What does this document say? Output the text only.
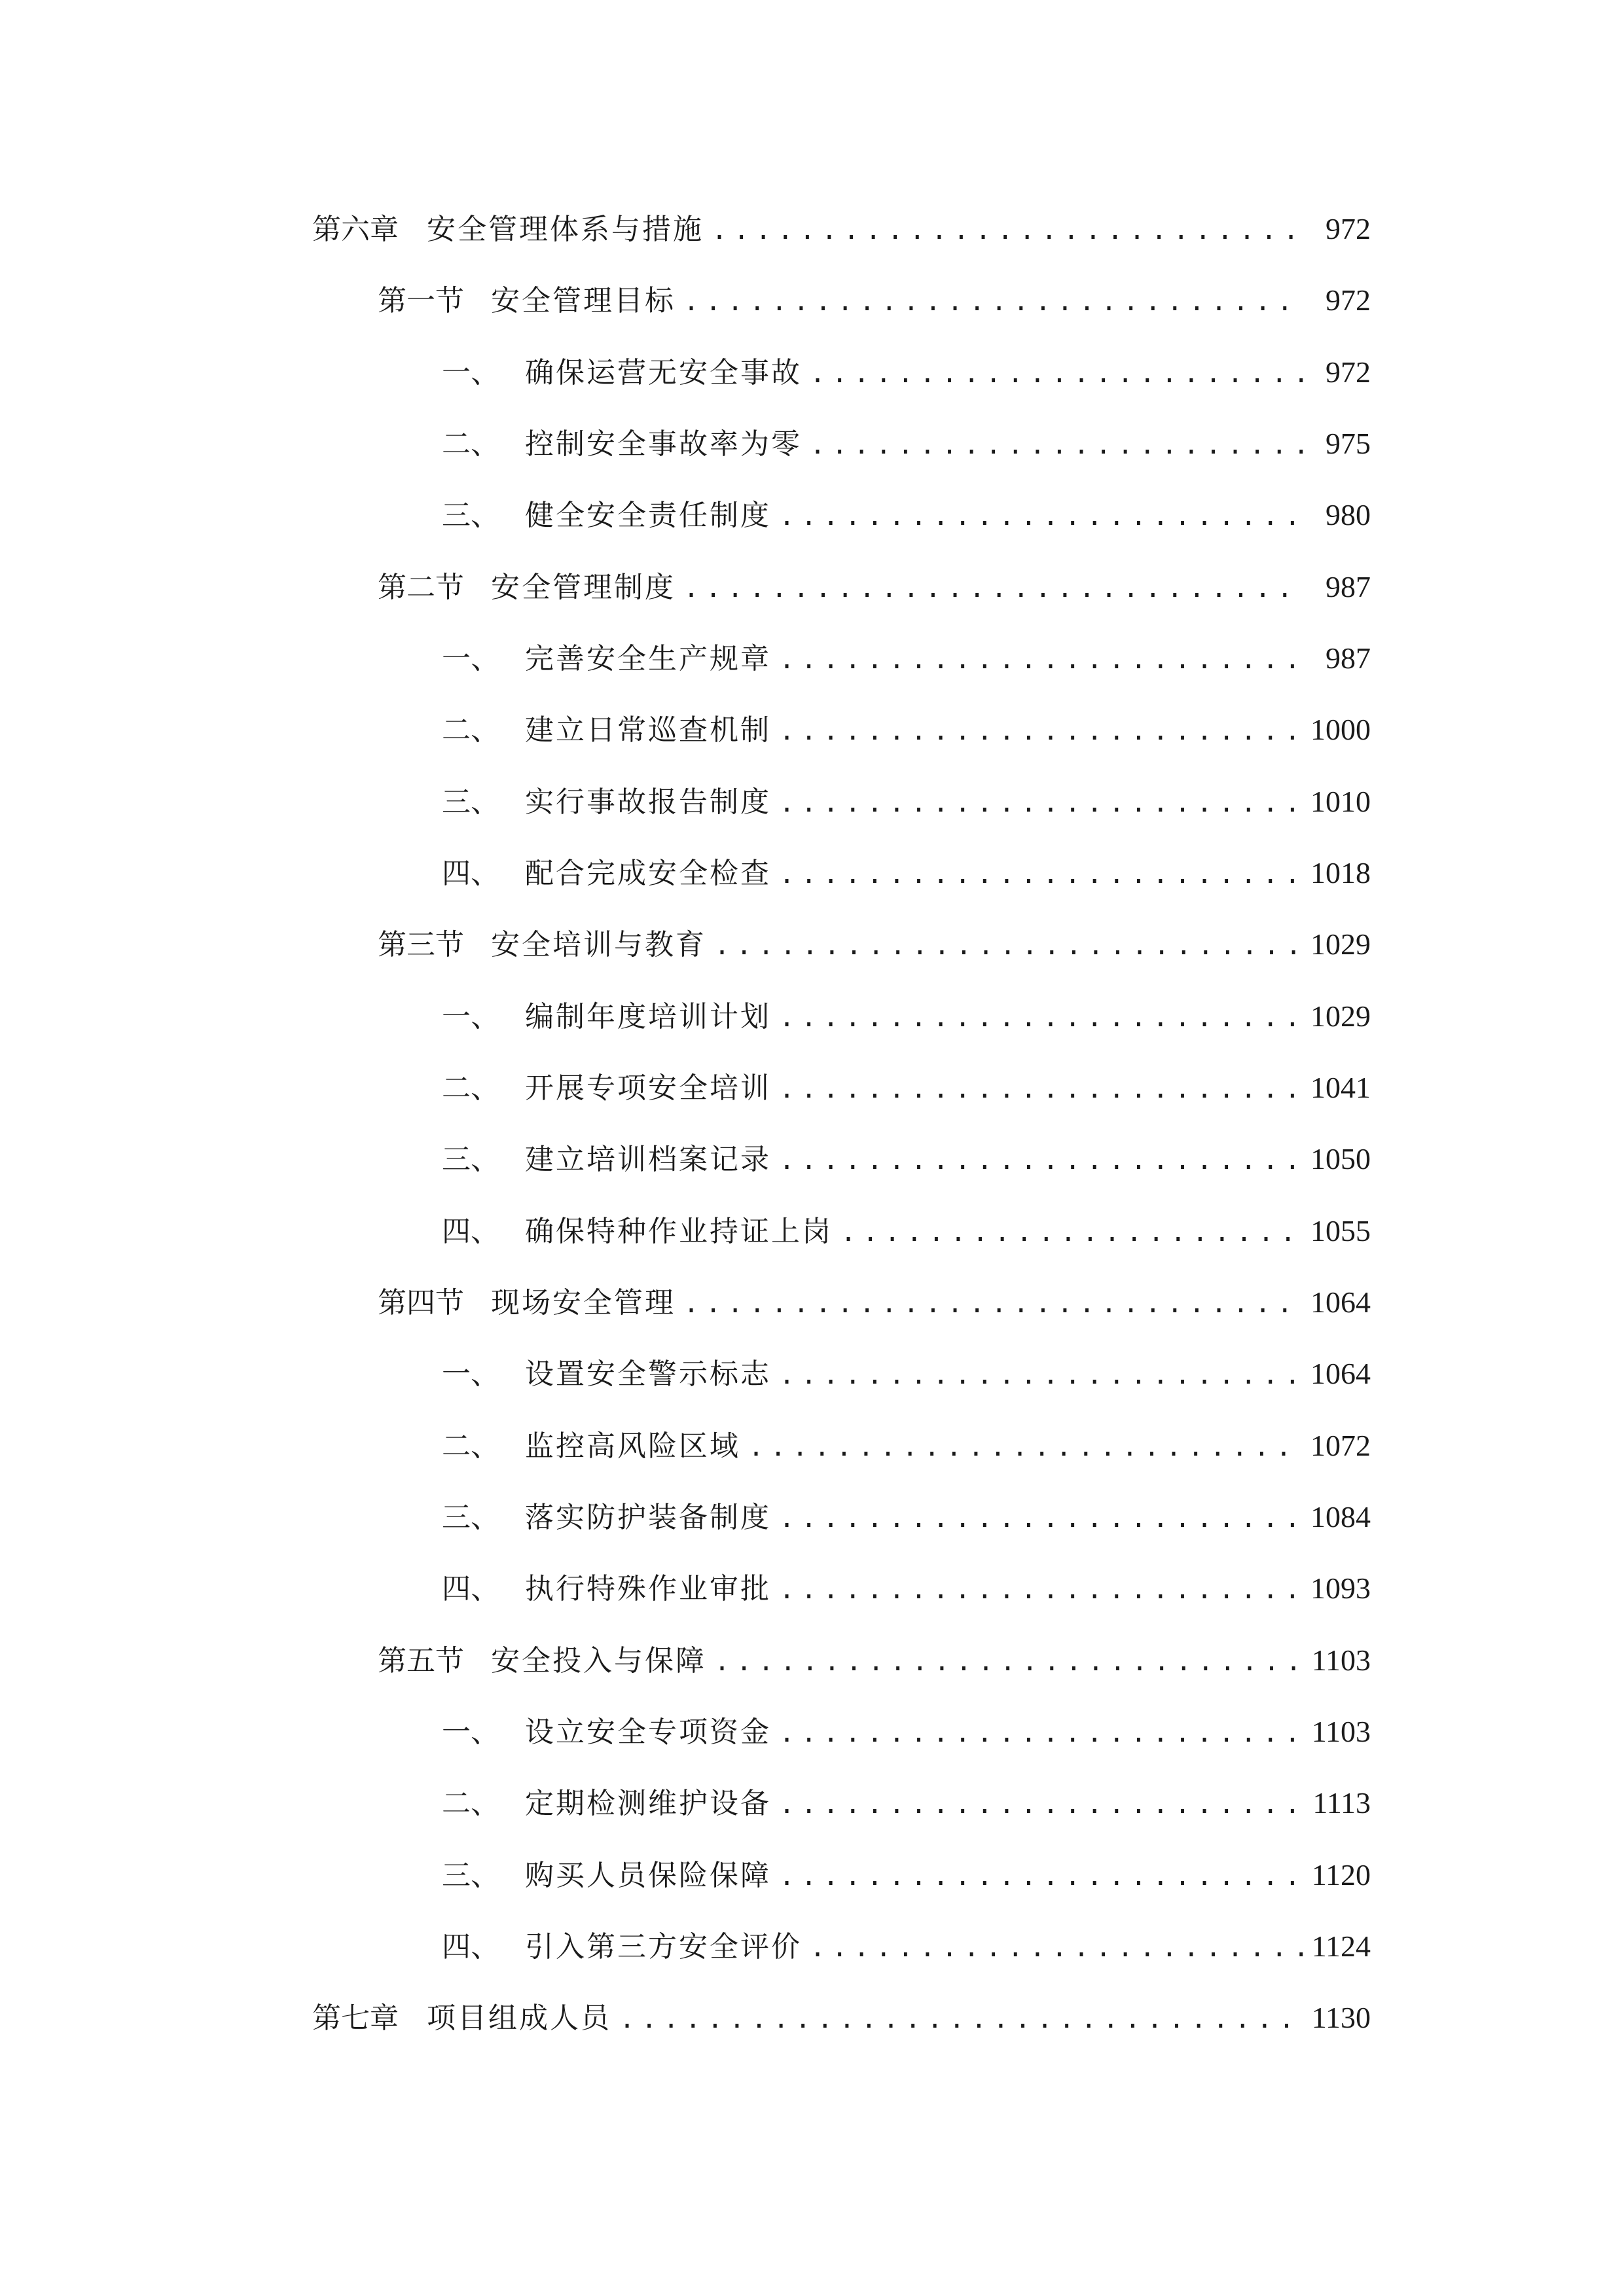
第六章 安全管理体系与措施 .....	972
第一节 安全管理目标 .....	972
一、 确保运营无安全事故 .....	972
二、 控制安全事故率为零 .....	975
三、 健全安全责任制度 .....	980
第二节 安全管理制度 .....	987
一、 完善安全生产规章 .....	987
二、 建立日常巡查机制 .....	1000
三、 实行事故报告制度 .....	1010
四、 配合完成安全检查 .....	1018
第三节 安全培训与教育 .....	1029
一、 编制年度培训计划 .....	1029
二、 开展专项安全培训 .....	1041
三、 建立培训档案记录 .....	1050
四、 确保特种作业持证上岗 .....	1055
第四节 现场安全管理 .....	1064
一、 设置安全警示标志 .....	1064
二、 监控高风险区域 .....	1072
三、 落实防护装备制度 .....	1084
四、 执行特殊作业审批 .....	1093
第五节 安全投入与保障 .....	1103
一、 设立安全专项资金 .....	1103
二、 定期检测维护设备 .....	1113
三、 购买人员保险保障 .....	1120
四、 引入第三方安全评价 .....	1124
第七章 项目组成人员 .....	1130
